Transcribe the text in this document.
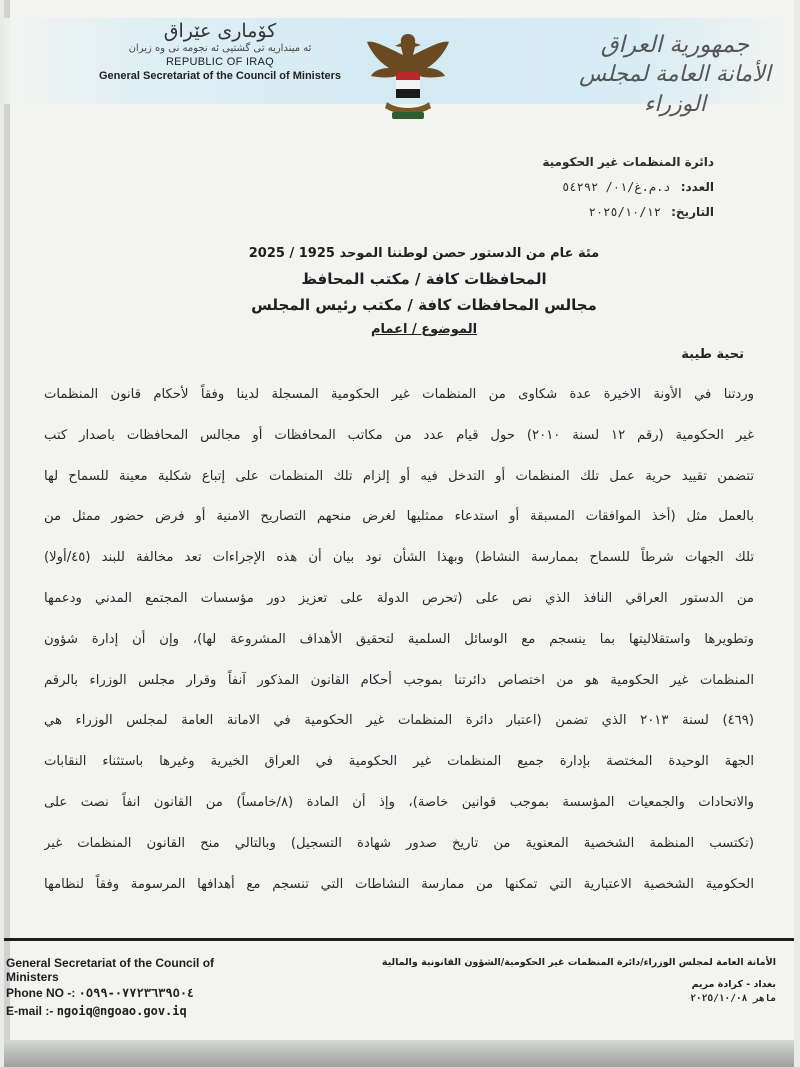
کۆماری عێراق
ئه مینداریه تی گشتیی ئه نجومه نی وه زیران
REPUBLIC OF IRAQ
General Secretariat of the Council of Ministers
جمهورية العراق
الأمانة العامة لمجلس الوزراء
دائرة المنظمات غير الحكومية
العدد: د.م.غ/٠١/ ٥٤٢٩٢
التاريخ: ٢٠٢٥/١٠/١٢
مئة عام من الدستور حصن لوطننا الموحد 1925 / 2025
المحافظات كافة / مكتب المحافظ
مجالس المحافظات كافة / مكتب رئيس المجلس
الموضوع / اعمام
تحية طيبة
وردتنا في الأونة الاخيرة عدة شكاوى من المنظمات غير الحكومية المسجلة لدينا وفقاً لأحكام قانون المنظمات
غير الحكومية (رقم ١٢ لسنة ٢٠١٠) حول قيام عدد من مكاتب المحافظات أو مجالس المحافظات باصدار كتب
تتضمن تقييد حرية عمل تلك المنظمات أو التدخل فيه أو إلزام تلك المنظمات على إتباع شكلية معينة للسماح لها
بالعمل مثل (أخذ الموافقات المسبقة أو استدعاء ممثليها لغرض منحهم التصاريح الامنية أو فرض حضور ممثل من
تلك الجهات شرطاً للسماح بممارسة النشاط) وبهذا الشأن نود بيان أن هذه الإجراءات تعد مخالفة للبند (٤٥/أولا)
من الدستور العراقي النافذ الذي نص على (تحرص الدولة على تعزيز دور مؤسسات المجتمع المدني ودعمها
وتطويرها واستقلاليتها بما ينسجم مع الوسائل السلمية لتحقيق الأهداف المشروعة لها)، وإن أن إدارة شؤون
المنظمات غير الحكومية هو من اختصاص دائرتنا بموجب أحكام القانون المذكور آنفاً وقرار مجلس الوزراء بالرقم
(٤٦٩) لسنة ٢٠١٣ الذي تضمن (اعتبار دائرة المنظمات غير الحكومية في الامانة العامة لمجلس الوزراء هي
الجهة الوحيدة المختصة بإدارة جميع المنظمات غير الحكومية في العراق الخيرية وغيرها باستثناء النقابات
والاتحادات والجمعيات المؤسسة بموجب قوانين خاصة)، وإذ أن المادة (٨/خامساً) من القانون انفاً نصت على
(تكتسب المنظمة الشخصية المعنوية من تاريخ صدور شهادة التسجيل) وبالتالي منح القانون المنظمات غير
الحكومية الشخصية الاعتبارية التي تمكنها من ممارسة النشاطات التي تنسجم مع أهدافها المرسومة وفقاً لنظامها
General Secretariat of the Council of Ministers
Phone NO -: ٠٧٧٢٣٦٣٩٥٠٤-٠٥٩٩
E-mail :- ngoiq@ngoao.gov.iq
الأمانة العامة لمجلس الوزراء/دائرة المنظمات غير الحكومية/الشؤون القانونية والمالية
بغداد - كرادة مريم
ماهر ٢٠٢٥/١٠/٠٨
